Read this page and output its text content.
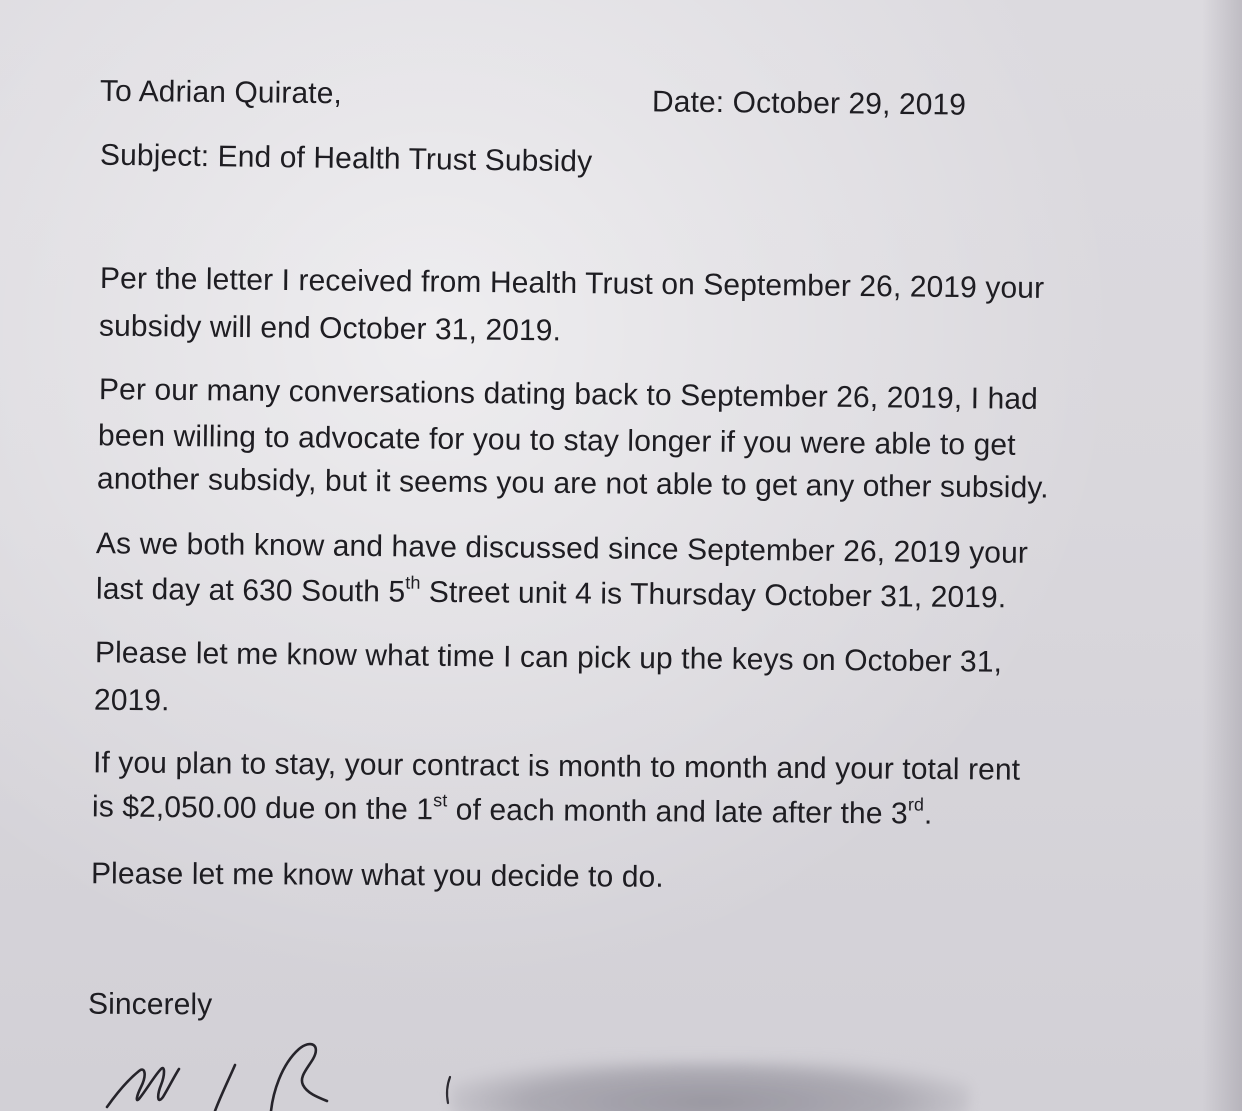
To Adrian Quirate,	Date: October 29, 2019
Subject: End of Health Trust Subsidy
Per the letter I received from Health Trust on September 26, 2019 your
subsidy will end October 31, 2019.
Per our many conversations dating back to September 26, 2019, I had
been willing to advocate for you to stay longer if you were able to get
another subsidy, but it seems you are not able to get any other subsidy.
As we both know and have discussed since September 26, 2019 your
last day at 630 South 5th Street unit 4 is Thursday October 31, 2019.
Please let me know what time I can pick up the keys on October 31,
2019.
If you plan to stay, your contract is month to month and your total rent
is $2,050.00 due on the 1st of each month and late after the 3rd.
Please let me know what you decide to do.
Sincerely
